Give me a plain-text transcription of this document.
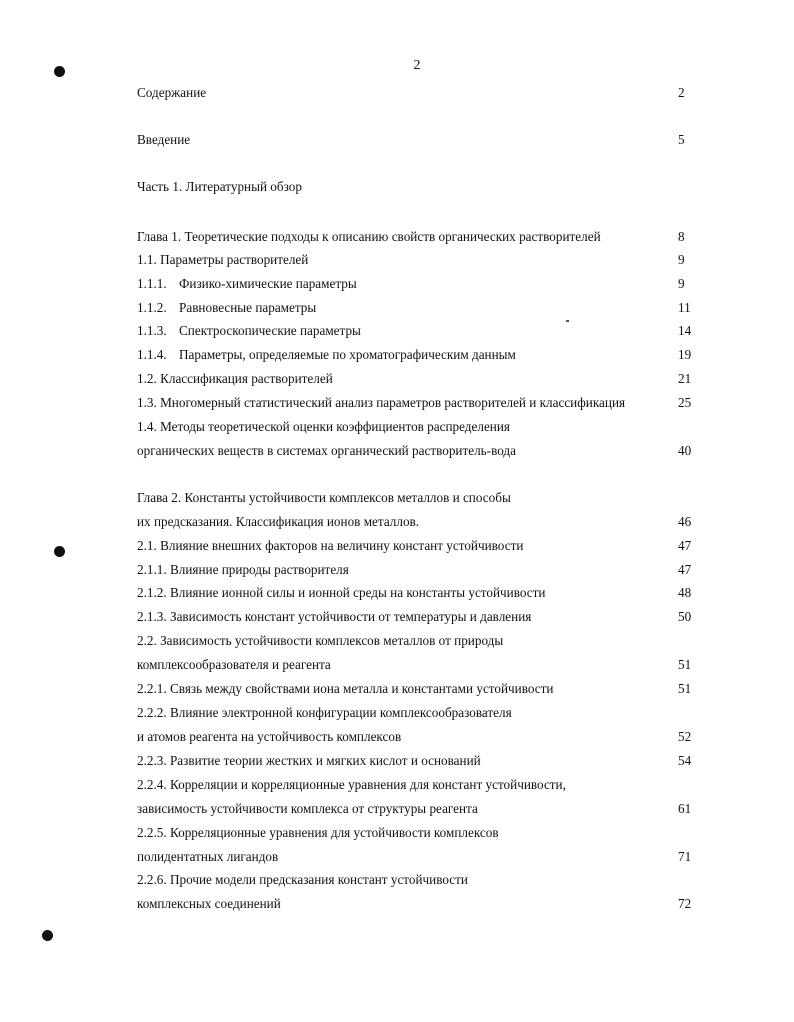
2
Содержание	2
Введение	5
Часть 1. Литературный обзор
Глава 1. Теоретические подходы к описанию свойств органических растворителей	8
1.1. Параметры растворителей	9
1.1.1. Физико-химические параметры	9
1.1.2. Равновесные параметры	11
1.1.3. Спектроскопические параметры	14
1.1.4. Параметры, определяемые по хроматографическим данным	19
1.2. Классификация растворителей	21
1.3. Многомерный статистический анализ параметров растворителей и классификация	25
1.4. Методы теоретической оценки коэффициентов распределения
органических веществ в системах органический растворитель-вода	40
Глава 2. Константы устойчивости комплексов металлов и способы
их предсказания. Классификация ионов металлов.	46
2.1. Влияние внешних факторов на величину констант устойчивости	47
2.1.1. Влияние природы растворителя	47
2.1.2. Влияние ионной силы и ионной среды на константы устойчивости	48
2.1.3. Зависимость констант устойчивости от температуры и давления	50
2.2. Зависимость устойчивости комплексов металлов от природы
комплексообразователя и реагента	51
2.2.1. Связь между свойствами иона металла и константами устойчивости	51
2.2.2. Влияние электронной конфигурации комплексообразователя
и атомов реагента на устойчивость комплексов	52
2.2.3. Развитие теории жестких и мягких кислот и оснований	54
2.2.4. Корреляции и корреляционные уравнения для констант устойчивости,
зависимость устойчивости комплекса от структуры реагента	61
2.2.5. Корреляционные уравнения для устойчивости комплексов
полидентатных лигандов	71
2.2.6. Прочие модели предсказания констант устойчивости
комплексных соединений	72
